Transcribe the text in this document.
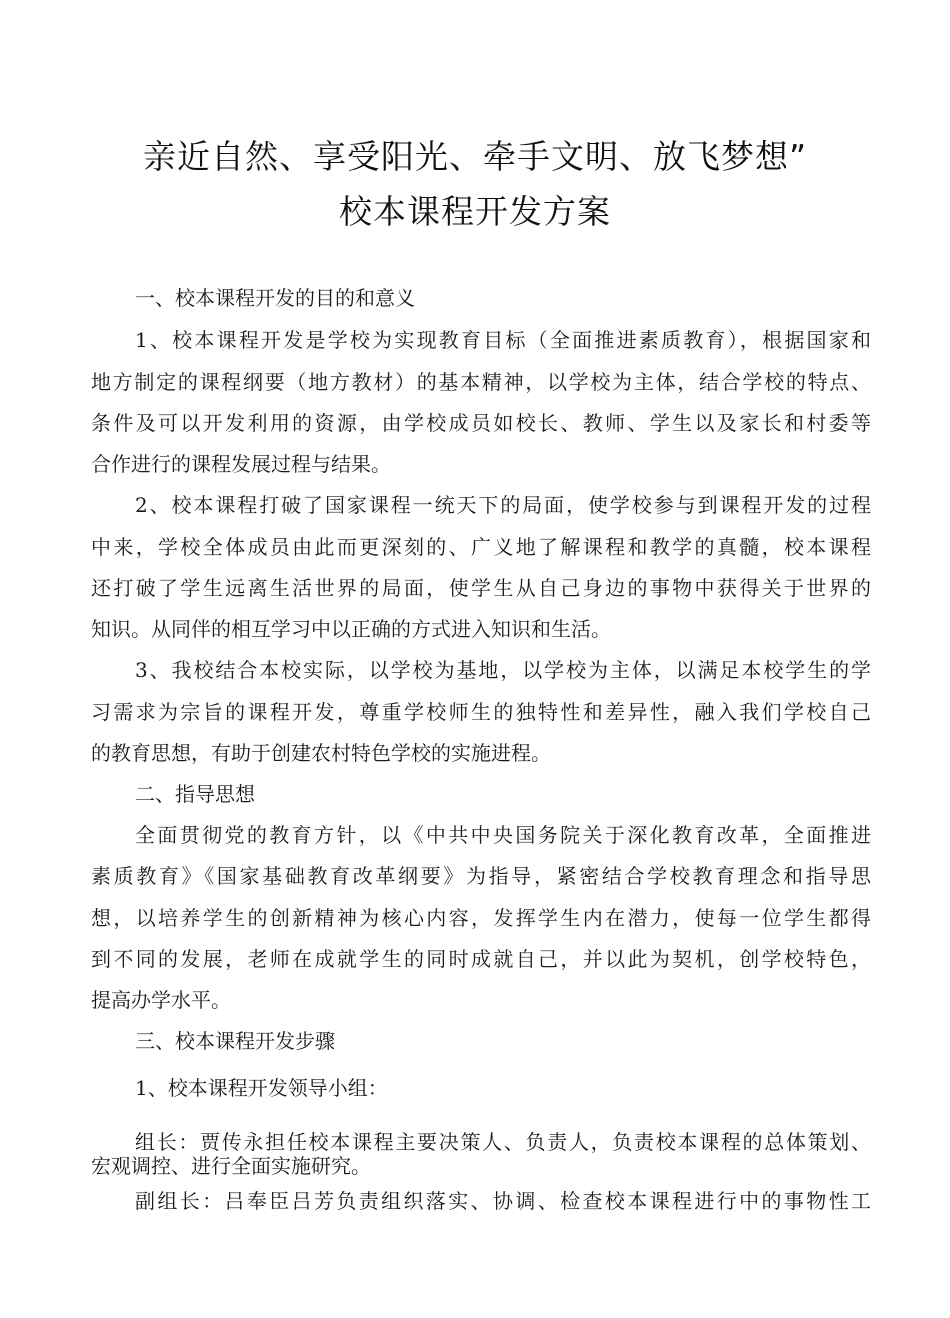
亲近自然、享受阳光、牵手文明、放飞梦想”
校本课程开发方案
一、校本课程开发的目的和意义
1、校本课程开发是学校为实现教育目标（全面推进素质教育），根据国家和
地方制定的课程纲要（地方教材）的基本精神，以学校为主体，结合学校的特点、
条件及可以开发利用的资源，由学校成员如校长、教师、学生以及家长和村委等
合作进行的课程发展过程与结果。
2、校本课程打破了国家课程一统天下的局面，使学校参与到课程开发的过程
中来，学校全体成员由此而更深刻的、广义地了解课程和教学的真髓，校本课程
还打破了学生远离生活世界的局面，使学生从自己身边的事物中获得关于世界的
知识。从同伴的相互学习中以正确的方式进入知识和生活。
3、我校结合本校实际，以学校为基地，以学校为主体，以满足本校学生的学
习需求为宗旨的课程开发，尊重学校师生的独特性和差异性，融入我们学校自己
的教育思想，有助于创建农村特色学校的实施进程。
二、指导思想
全面贯彻党的教育方针，以《中共中央国务院关于深化教育改革，全面推进
素质教育》《国家基础教育改革纲要》为指导，紧密结合学校教育理念和指导思
想，以培养学生的创新精神为核心内容，发挥学生内在潜力，使每一位学生都得
到不同的发展，老师在成就学生的同时成就自己，并以此为契机，创学校特色，
提高办学水平。
三、校本课程开发步骤
1、校本课程开发领导小组：
组长：贾传永担任校本课程主要决策人、负责人，负责校本课程的总体策划、
宏观调控、进行全面实施研究。
副组长：吕奉臣吕芳负责组织落实、协调、检查校本课程进行中的事物性工
